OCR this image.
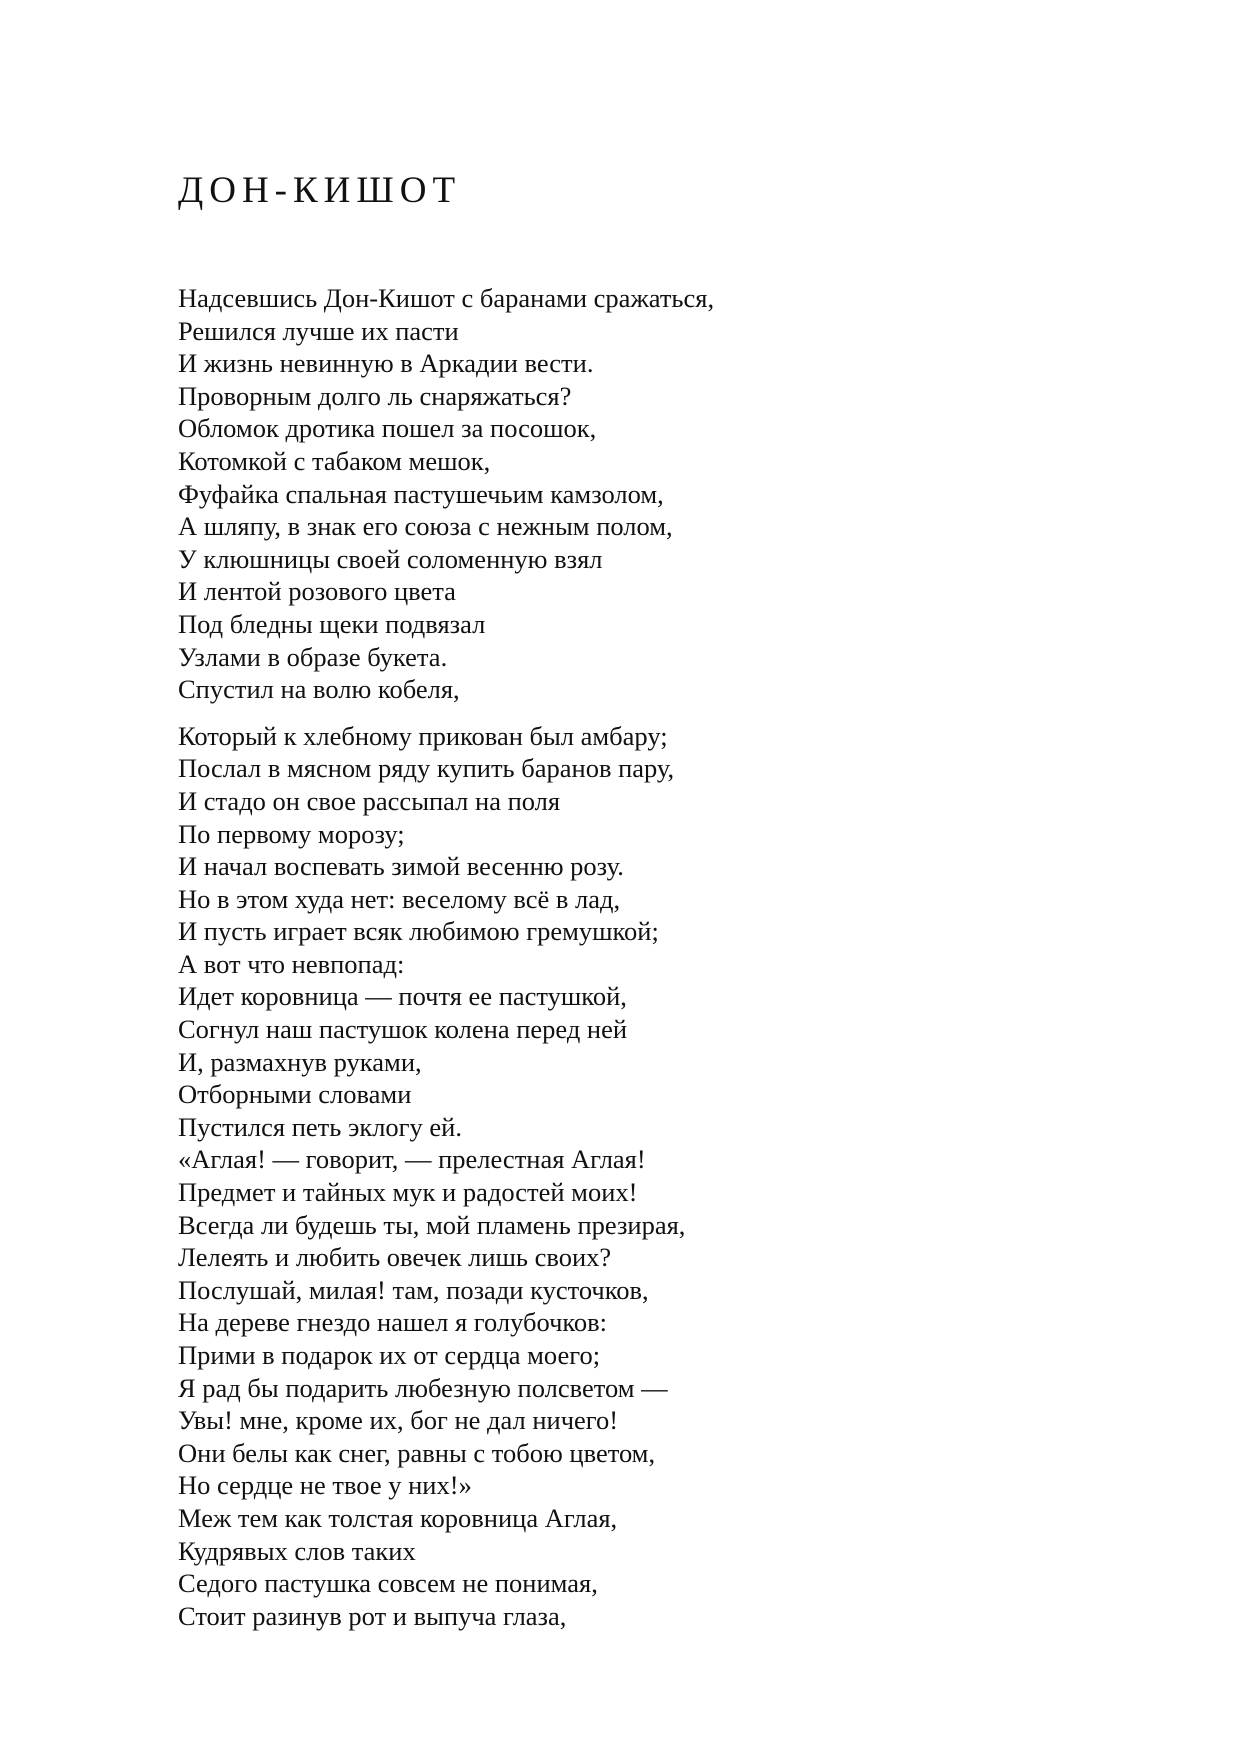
ДОН-КИШОТ

Надсевшись Дон-Кишот с баранами сражаться,
Решился лучше их пасти
И жизнь невинную в Аркадии вести.
Проворным долго ль снаряжаться?
Обломок дротика пошел за посошок,
Котомкой с табаком мешок,
Фуфайка спальная пастушечьим камзолом,
А шляпу, в знак его союза с нежным полом,
У клюшницы своей соломенную взял
И лентой розового цвета
Под бледны щеки подвязал
Узлами в образе букета.
Спустил на волю кобеля,

Который к хлебному прикован был амбару;
Послал в мясном ряду купить баранов пару,
И стадо он свое рассыпал на поля
По первому морозу;
И начал воспевать зимой весенню розу.
Но в этом худа нет: веселому всё в лад,
И пусть играет всяк любимою гремушкой;
А вот что невпопад:
Идет коровница — почтя ее пастушкой,
Согнул наш пастушок колена перед ней
И, размахнув руками,
Отборными словами
Пустился петь эклогу ей.
«Аглая! — говорит, — прелестная Аглая!
Предмет и тайных мук и радостей моих!
Всегда ли будешь ты, мой пламень презирая,
Лелеять и любить овечек лишь своих?
Послушай, милая! там, позади кусточков,
На дереве гнездо нашел я голубочков:
Прими в подарок их от сердца моего;
Я рад бы подарить любезную полсветом —
Увы! мне, кроме их, бог не дал ничего!
Они белы как снег, равны с тобою цветом,
Но сердце не твое у них!»
Меж тем как толстая коровница Аглая,
Кудрявых слов таких
Седого пастушка совсем не понимая,
Стоит разинув рот и выпуча глаза,
